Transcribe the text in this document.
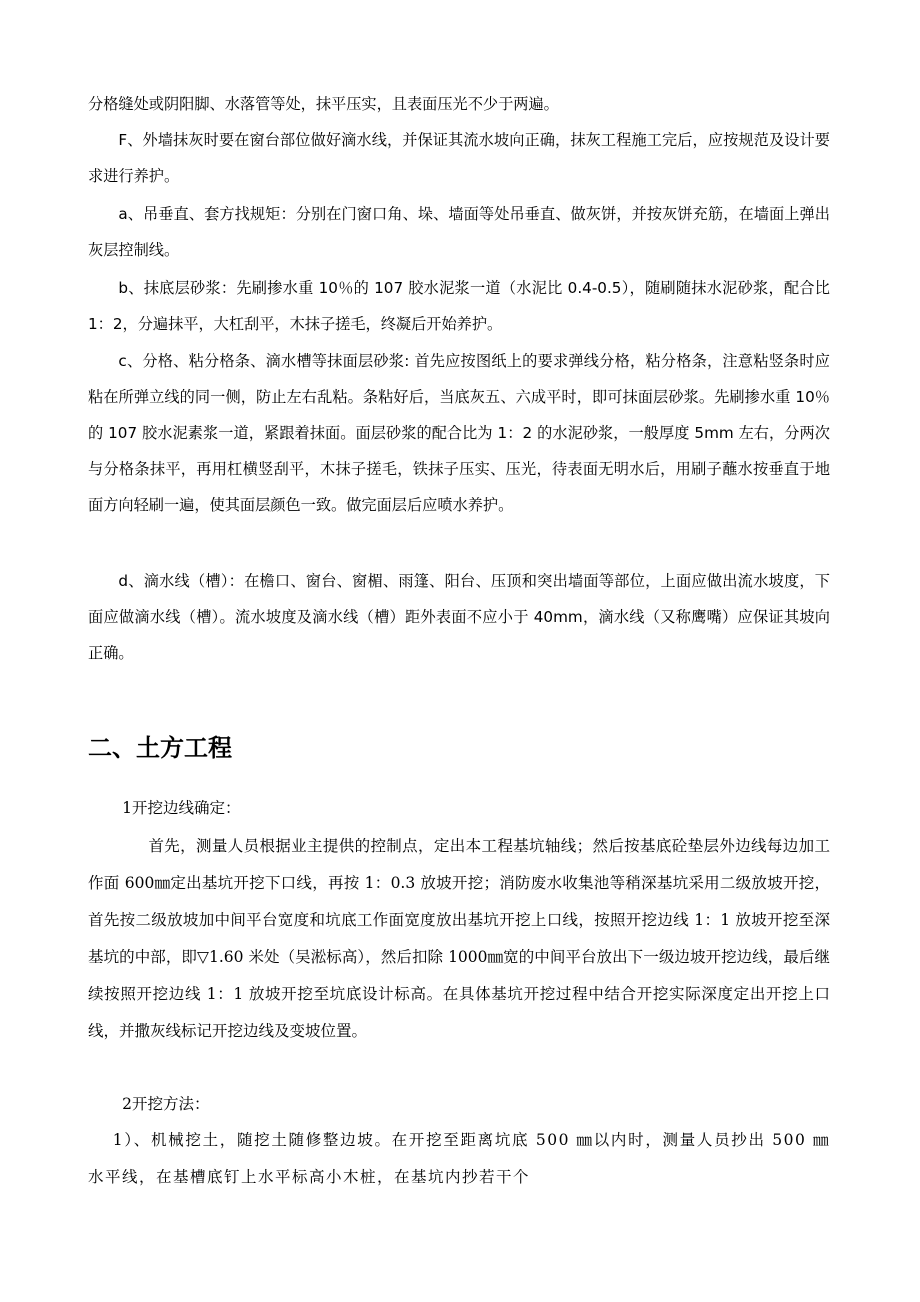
分格缝处或阴阳脚、水落管等处，抹平压实，且表面压光不少于两遍。

F、外墙抹灰时要在窗台部位做好滴水线，并保证其流水坡向正确，抹灰工程施工完后，应按规范及设计要求进行养护。

a、吊垂直、套方找规矩：分别在门窗口角、垛、墙面等处吊垂直、做灰饼，并按灰饼充筋，在墙面上弹出灰层控制线。

b、抹底层砂浆：先刷掺水重 10％的 107 胶水泥浆一道（水泥比 0.4-0.5），随刷随抹水泥砂浆，配合比 1：2，分遍抹平，大杠刮平，木抹子搓毛，终凝后开始养护。

c、分格、粘分格条、滴水槽等抹面层砂浆: 首先应按图纸上的要求弹线分格，粘分格条，注意粘竖条时应粘在所弹立线的同一侧，防止左右乱粘。条粘好后，当底灰五、六成平时，即可抹面层砂浆。先刷掺水重 10％的 107 胶水泥素浆一道，紧跟着抹面。面层砂浆的配合比为 1：2 的水泥砂浆，一般厚度 5mm 左右，分两次与分格条抹平，再用杠横竖刮平，木抹子搓毛，铁抹子压实、压光，待表面无明水后，用刷子蘸水按垂直于地面方向轻刷一遍，使其面层颜色一致。做完面层后应喷水养护。

d、滴水线（槽）：在檐口、窗台、窗楣、雨篷、阳台、压顶和突出墙面等部位，上面应做出流水坡度，下面应做滴水线（槽）。流水坡度及滴水线（槽）距外表面不应小于 40mm，滴水线（又称鹰嘴）应保证其坡向正确。

二、土方工程

1开挖边线确定：

首先，测量人员根据业主提供的控制点，定出本工程基坑轴线；然后按基底砼垫层外边线每边加工作面 600㎜定出基坑开挖下口线，再按 1：0.3 放坡开挖；消防废水收集池等稍深基坑采用二级放坡开挖，首先按二级放坡加中间平台宽度和坑底工作面宽度放出基坑开挖上口线，按照开挖边线 1：1 放坡开挖至深基坑的中部，即▽1.60 米处（吴淞标高），然后扣除 1000㎜宽的中间平台放出下一级边坡开挖边线，最后继续按照开挖边线 1：1 放坡开挖至坑底设计标高。在具体基坑开挖过程中结合开挖实际深度定出开挖上口线，并撒灰线标记开挖边线及变坡位置。

2开挖方法：

1）、机械挖土，随挖土随修整边坡。在开挖至距离坑底 500 ㎜以内时，测量人员抄出 500 ㎜水平线，在基槽底钉上水平标高小木桩，在基坑内抄若干个
